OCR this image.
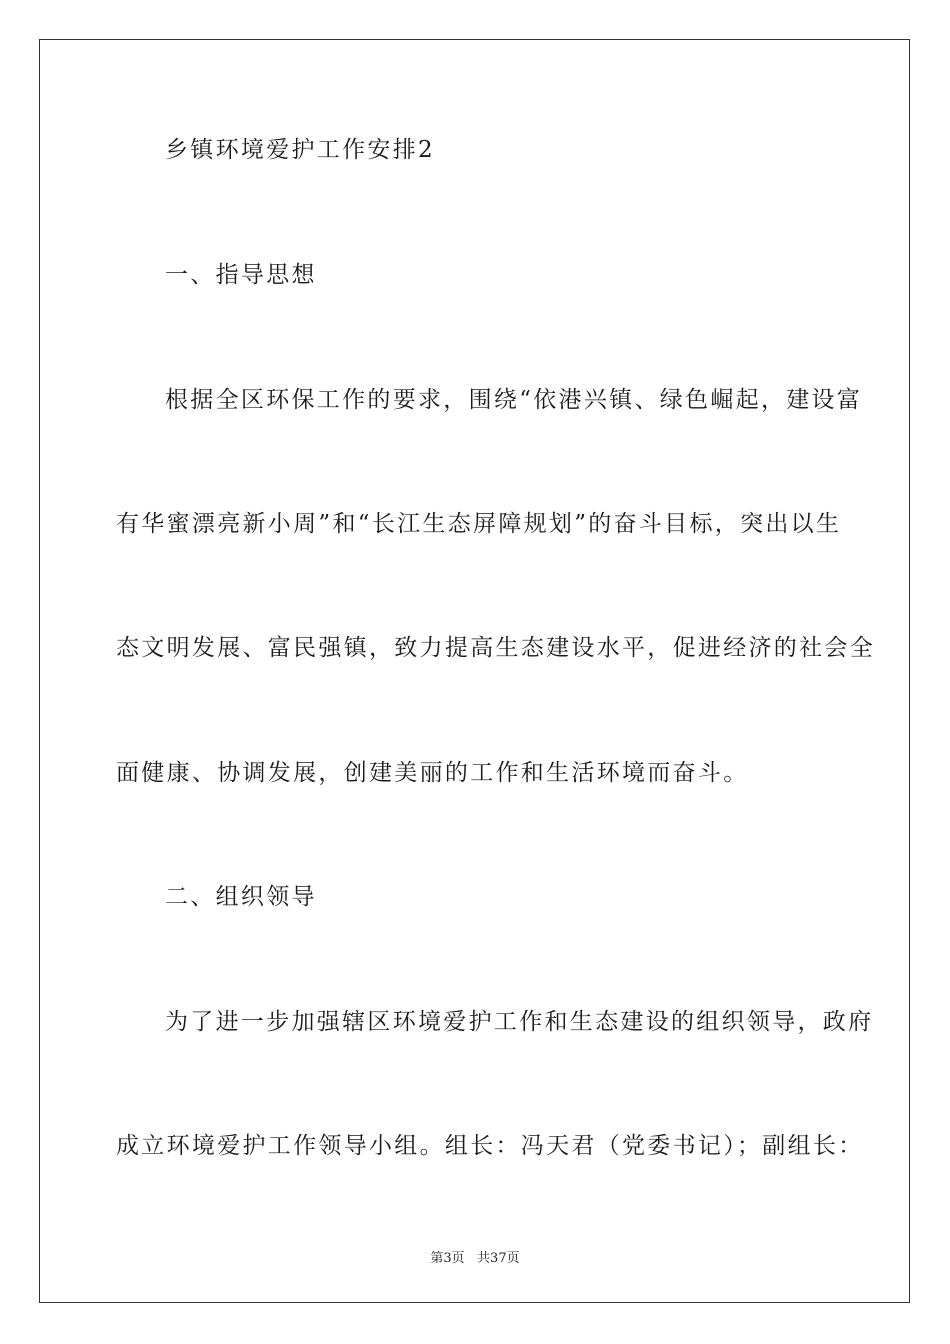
乡镇环境爱护工作安排2
一、指导思想
根据全区环保工作的要求，围绕“依港兴镇、绿色崛起，建设富
有华蜜漂亮新小周”和“长江生态屏障规划”的奋斗目标，突出以生
态文明发展、富民强镇，致力提高生态建设水平，促进经济的社会全
面健康、协调发展，创建美丽的工作和生活环境而奋斗。
二、组织领导
为了进一步加强辖区环境爱护工作和生态建设的组织领导，政府
成立环境爱护工作领导小组。组长：冯天君（党委书记）；副组长：
第3页   共37页
